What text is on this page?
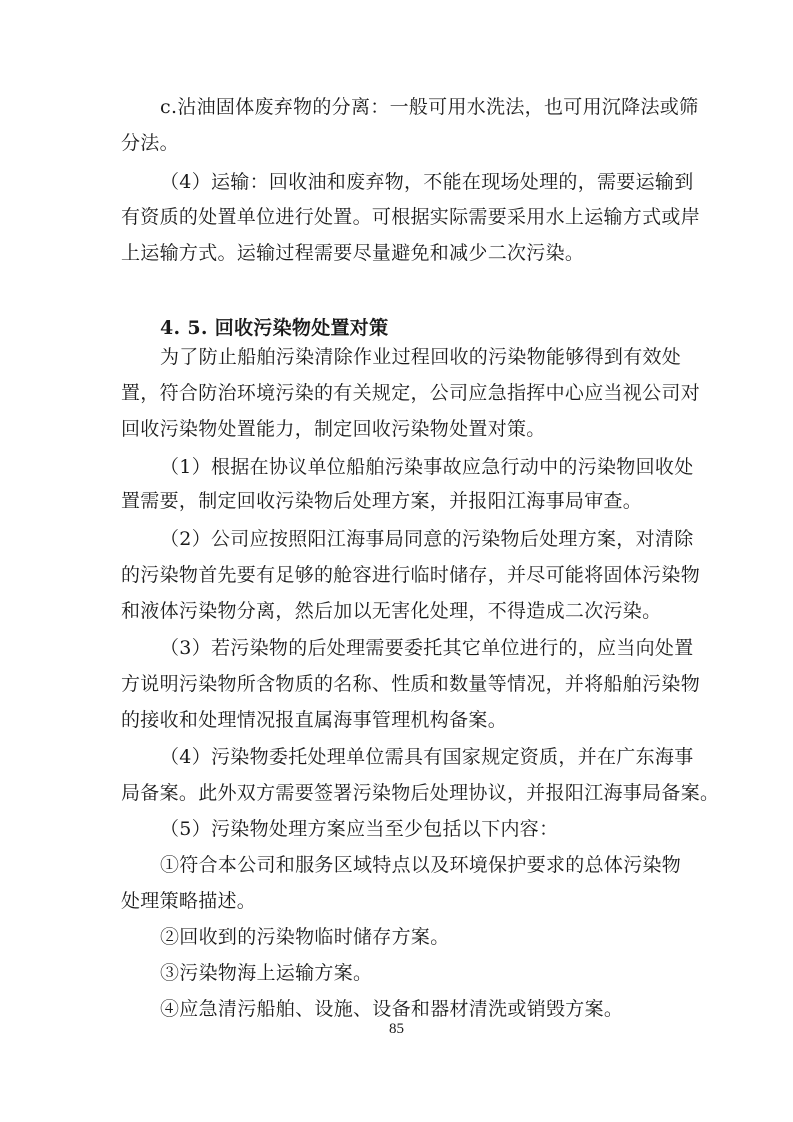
c.沾油固体废弃物的分离：一般可用水洗法，也可用沉降法或筛
分法。
（4）运输：回收油和废弃物，不能在现场处理的，需要运输到
有资质的处置单位进行处置。可根据实际需要采用水上运输方式或岸
上运输方式。运输过程需要尽量避免和减少二次污染。
4. 5. 回收污染物处置对策
为了防止船舶污染清除作业过程回收的污染物能够得到有效处
置，符合防治环境污染的有关规定，公司应急指挥中心应当视公司对
回收污染物处置能力，制定回收污染物处置对策。
（1）根据在协议单位船舶污染事故应急行动中的污染物回收处
置需要，制定回收污染物后处理方案，并报阳江海事局审查。
（2）公司应按照阳江海事局同意的污染物后处理方案，对清除
的污染物首先要有足够的舱容进行临时储存，并尽可能将固体污染物
和液体污染物分离，然后加以无害化处理，不得造成二次污染。
（3）若污染物的后处理需要委托其它单位进行的，应当向处置
方说明污染物所含物质的名称、性质和数量等情况，并将船舶污染物
的接收和处理情况报直属海事管理机构备案。
（4）污染物委托处理单位需具有国家规定资质，并在广东海事
局备案。此外双方需要签署污染物后处理协议，并报阳江海事局备案。
（5）污染物处理方案应当至少包括以下内容：
①符合本公司和服务区域特点以及环境保护要求的总体污染物
处理策略描述。
②回收到的污染物临时储存方案。
③污染物海上运输方案。
④应急清污船舶、设施、设备和器材清洗或销毁方案。
85
